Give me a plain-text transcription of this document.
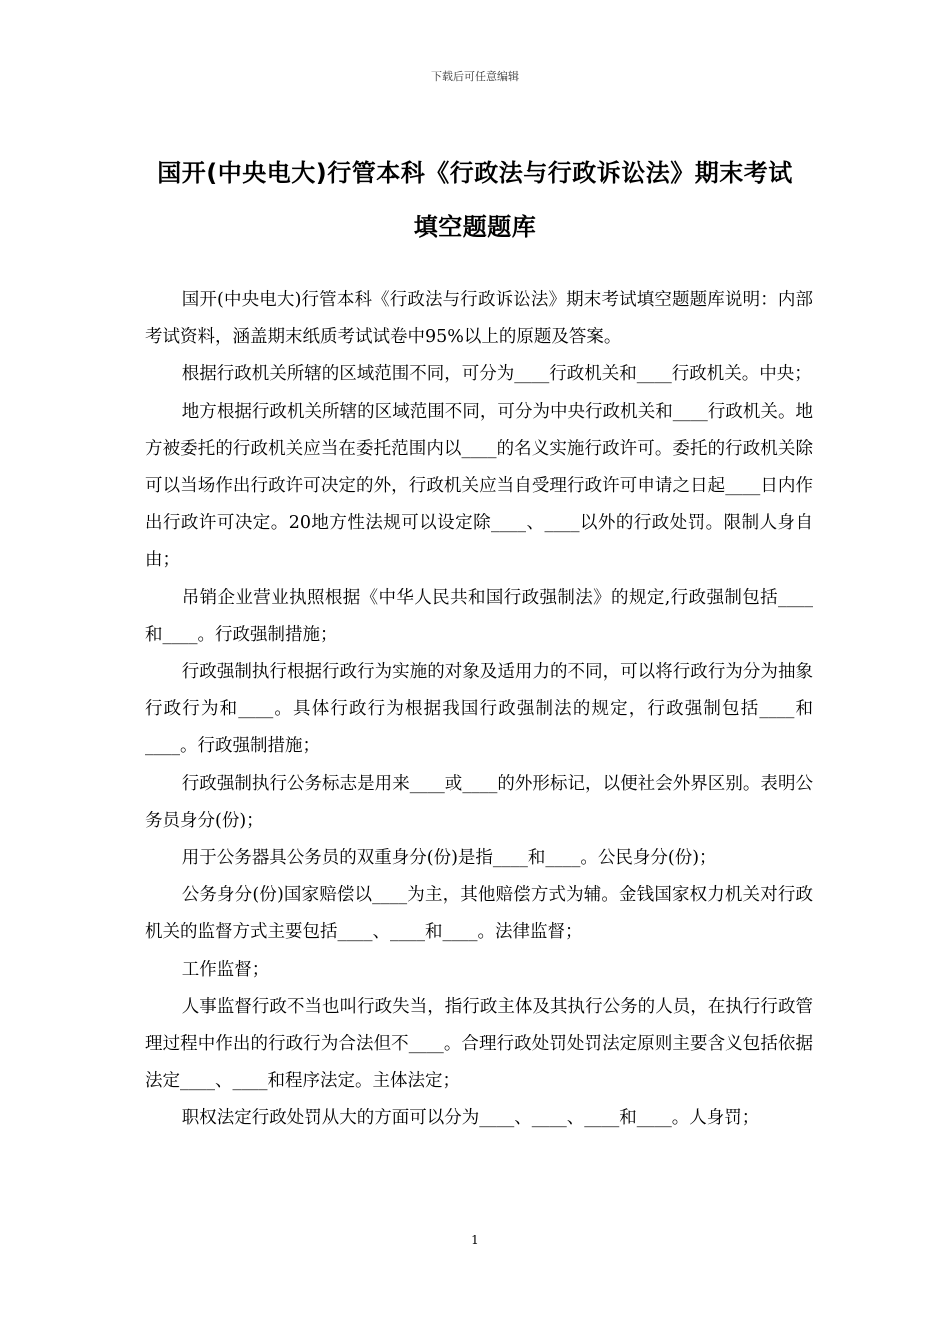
下载后可任意编辑
国开(中央电大)行管本科《行政法与行政诉讼法》期末考试
填空题题库

国开(中央电大)行管本科《行政法与行政诉讼法》期末考试填空题题库说明：内部考试资料，涵盖期末纸质考试试卷中95%以上的原题及答案。

根据行政机关所辖的区域范围不同，可分为____行政机关和____行政机关。中央；

地方根据行政机关所辖的区域范围不同，可分为中央行政机关和____行政机关。地方被委托的行政机关应当在委托范围内以____的名义实施行政许可。委托的行政机关除可以当场作出行政许可决定的外，行政机关应当自受理行政许可申请之日起____日内作出行政许可决定。20地方性法规可以设定除____、____以外的行政处罚。限制人身自由；

吊销企业营业执照根据《中华人民共和国行政强制法》的规定,行政强制包括____和____。行政强制措施；

行政强制执行根据行政行为实施的对象及适用力的不同，可以将行政行为分为抽象行政行为和____。具体行政行为根据我国行政强制法的规定，行政强制包括____和____。行政强制措施；

行政强制执行公务标志是用来____或____的外形标记，以便社会外界区别。表明公务员身分(份)；

用于公务器具公务员的双重身分(份)是指____和____。公民身分(份)；

公务身分(份)国家赔偿以____为主，其他赔偿方式为辅。金钱国家权力机关对行政机关的监督方式主要包括____、____和____。法律监督；

工作监督；

人事监督行政不当也叫行政失当，指行政主体及其执行公务的人员，在执行行政管理过程中作出的行政行为合法但不____。合理行政处罚处罚法定原则主要含义包括依据法定____、____和程序法定。主体法定；

职权法定行政处罚从大的方面可以分为____、____、____和____。人身罚；

1
